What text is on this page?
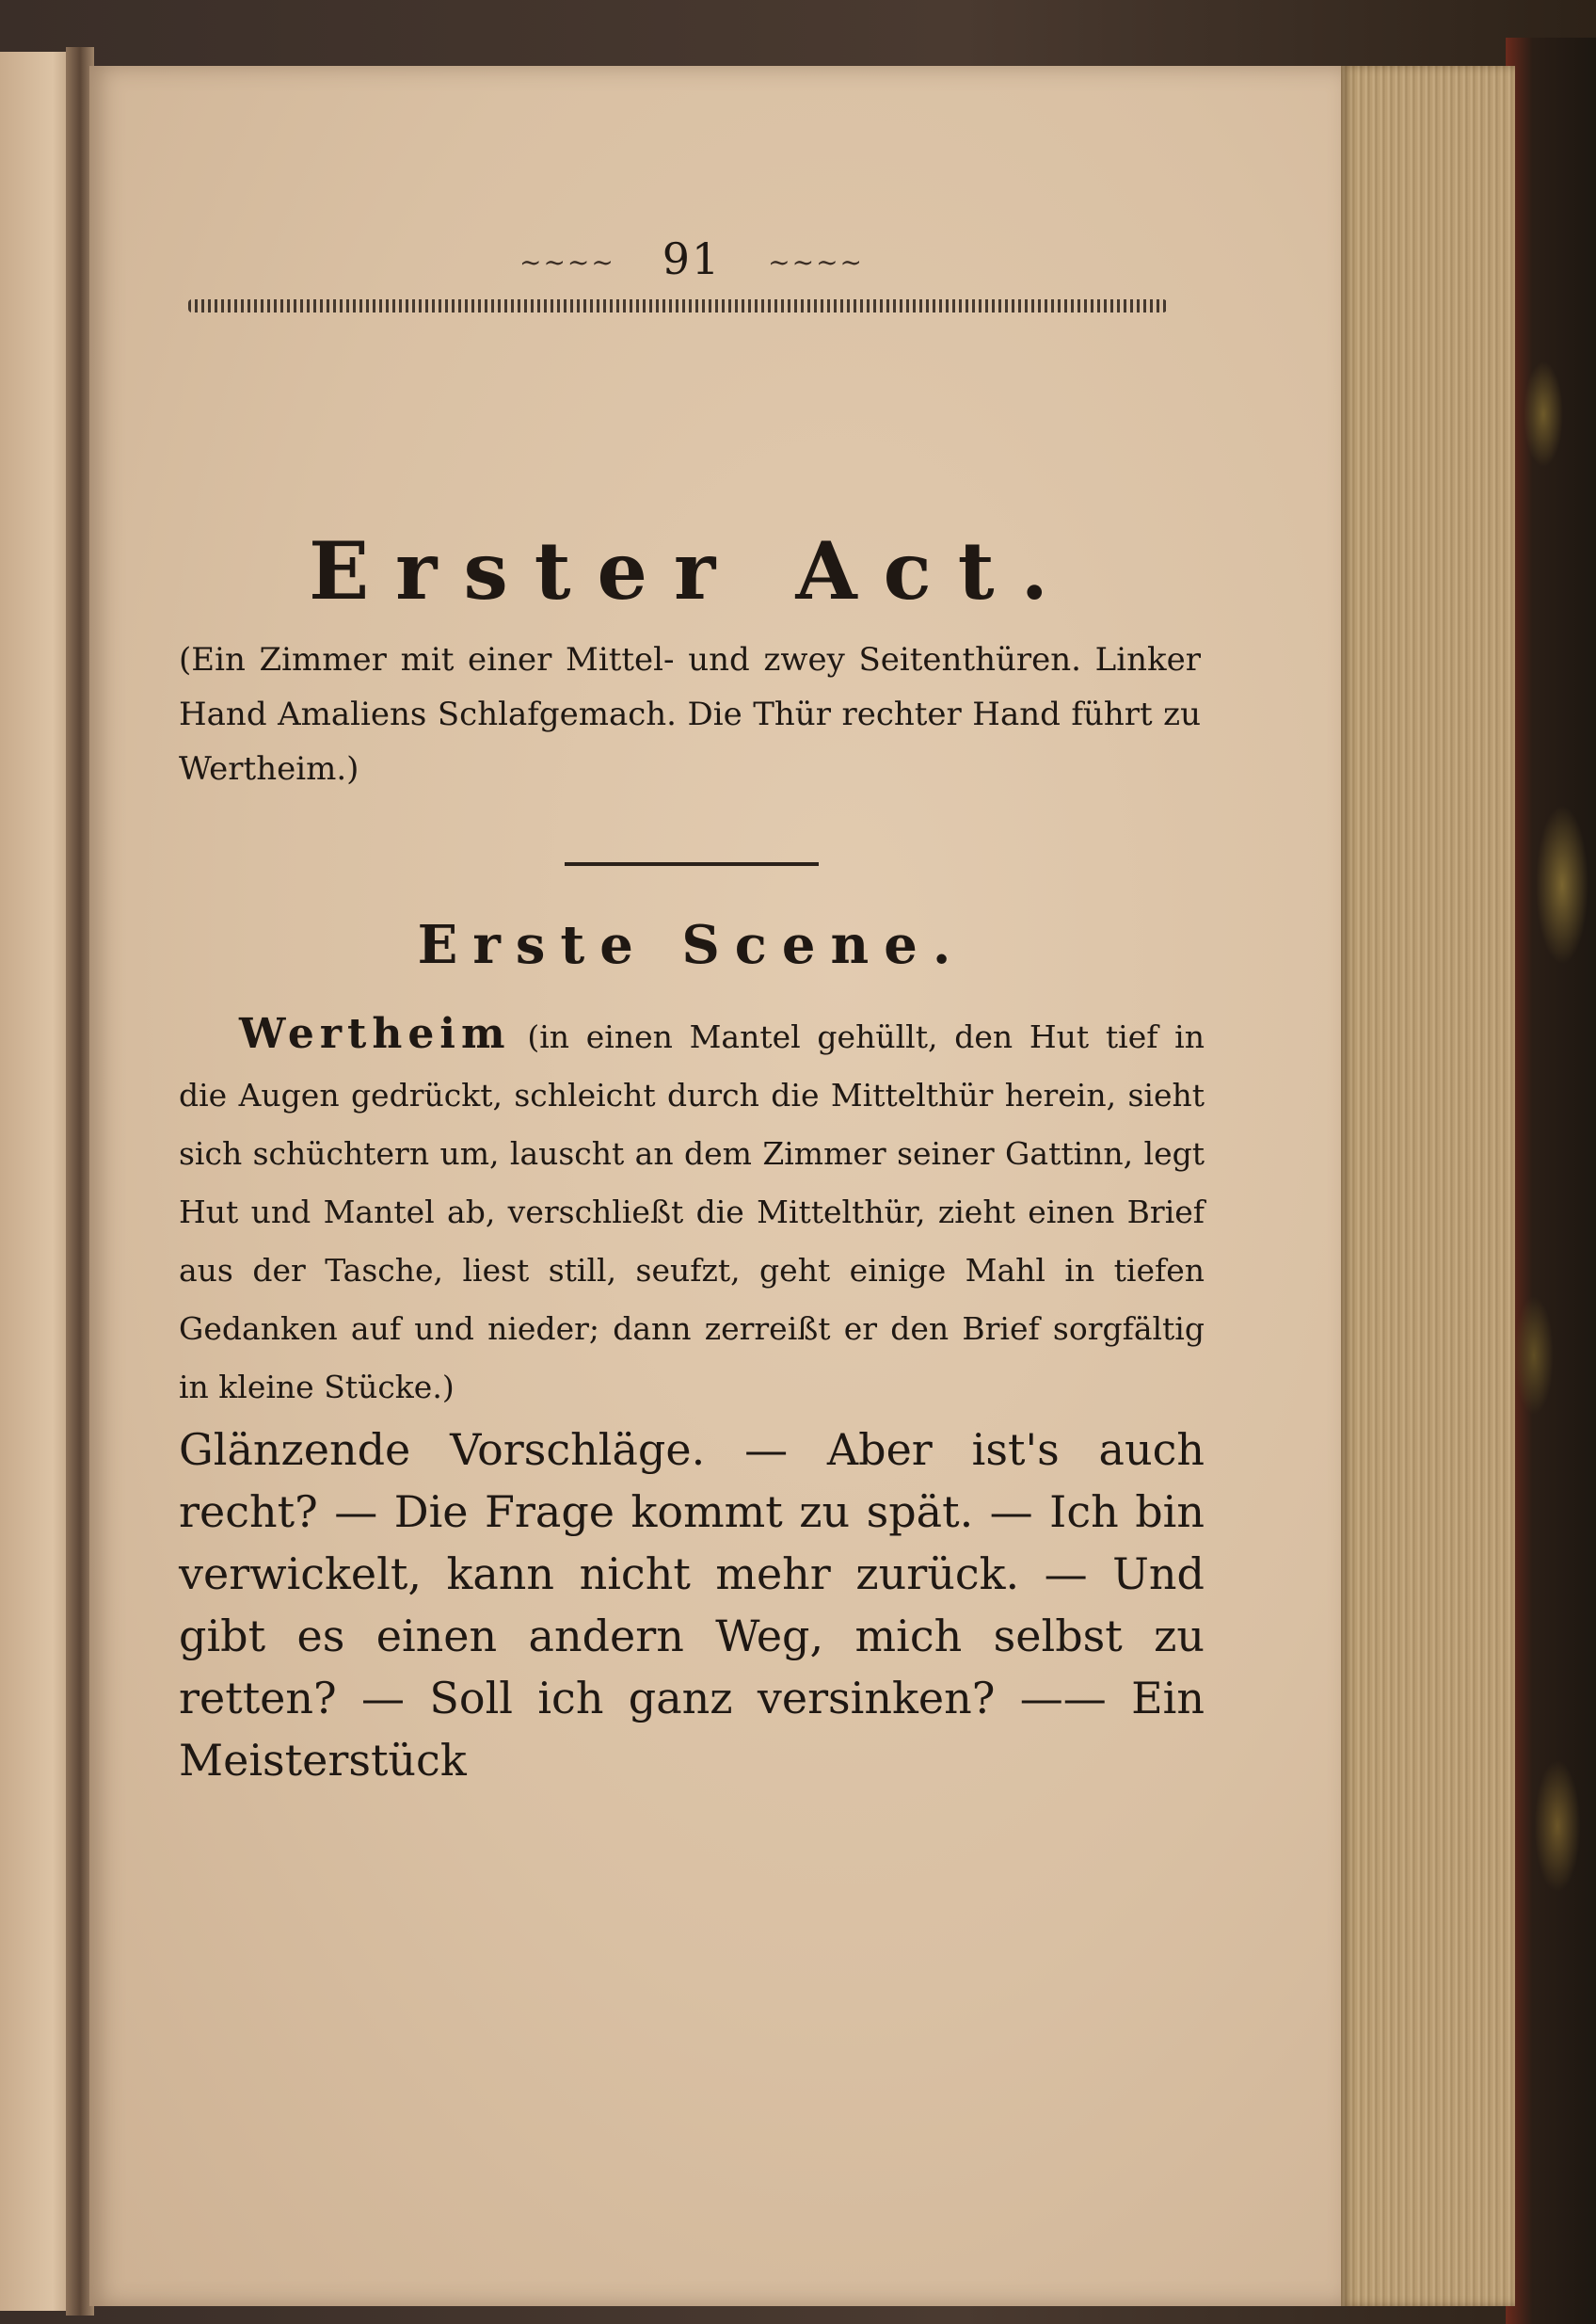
~~~~ 91 ~~~~
Erster Act.
(Ein Zimmer mit einer Mittel- und zwey Seitenthüren. Linker Hand Amaliens Schlafgemach. Die Thür rechter Hand führt zu Wertheim.)
Erste Scene.
Wertheim (in einen Mantel gehüllt, den Hut tief in die Augen gedrückt, schleicht durch die Mittelthür herein, sieht sich schüchtern um, lauscht an dem Zimmer seiner Gattinn, legt Hut und Mantel ab, verschließt die Mittelthür, zieht einen Brief aus der Tasche, liest still, seufzt, geht einige Mahl in tiefen Gedanken auf und nieder; dann zerreißt er den Brief sorgfältig in kleine Stücke.)
Glänzende Vorschläge. — Aber ist's auch recht? — Die Frage kommt zu spät. — Ich bin verwickelt, kann nicht mehr zurück. — Und gibt es einen andern Weg, mich selbst zu retten? — Soll ich ganz versinken? —— Ein Meisterstück
